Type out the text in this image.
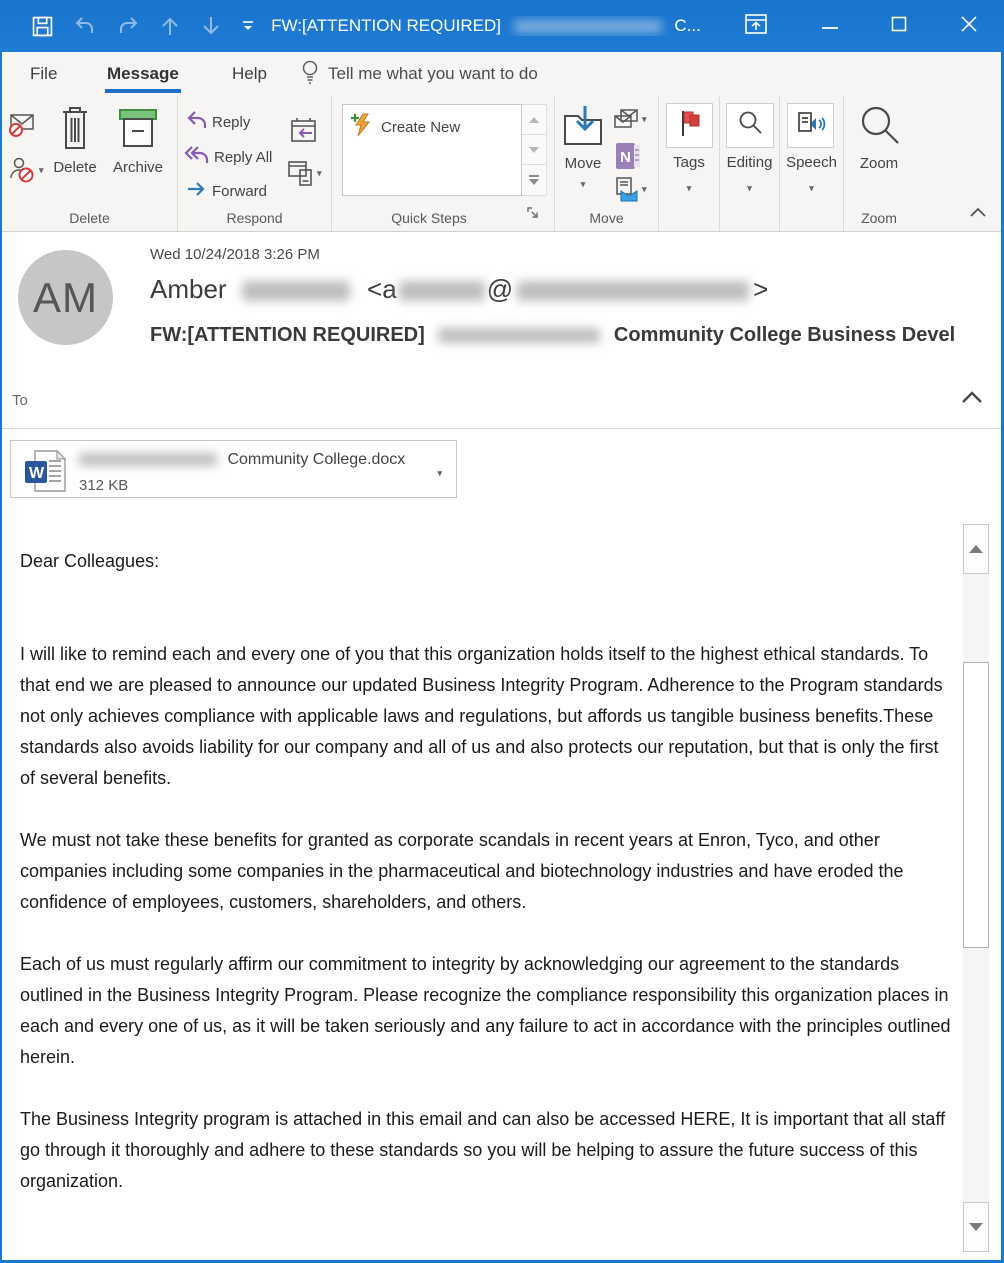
FW:[ATTENTION REQUIRED]	C...
File	Message	Help	Tell me what you want to do
▾ Delete	Archive
Delete
Reply
Reply All
Forward
▾
Respond
Create New
Quick Steps
Move
▾
▾
N
▾
Move
Tags
▾
Editing
▾
Speech
▾
Zoom
Zoom
AM
Wed 10/24/2018 3:26 PM
Amber	<a	@	>
FW:[ATTENTION REQUIRED]	Community College Business Devel
To
W
Community College.docx
312 KB
▾

Dear Colleagues:

I will like to remind each and every one of you that this organization holds itself to the highest ethical standards. To that end we are pleased to announce our updated Business Integrity Program. Adherence to the Program standards not only achieves compliance with applicable laws and regulations, but affords us tangible business benefits.These standards also avoids liability for our company and all of us and also protects our reputation, but that is only the first of several benefits.

We must not take these benefits for granted as corporate scandals in recent years at Enron, Tyco, and other companies including some companies in the pharmaceutical and biotechnology industries and have eroded the confidence of employees, customers, shareholders, and others.

Each of us must regularly affirm our commitment to integrity by acknowledging our agreement to the standards outlined in the Business Integrity Program. Please recognize the compliance responsibility this organization places in each and every one of us, as it will be taken seriously and any failure to act in accordance with the principles outlined herein.

The Business Integrity program is attached in this email and can also be accessed HERE, It is important that all staff go through it thoroughly and adhere to these standards so you will be helping to assure the future success of this organization.
